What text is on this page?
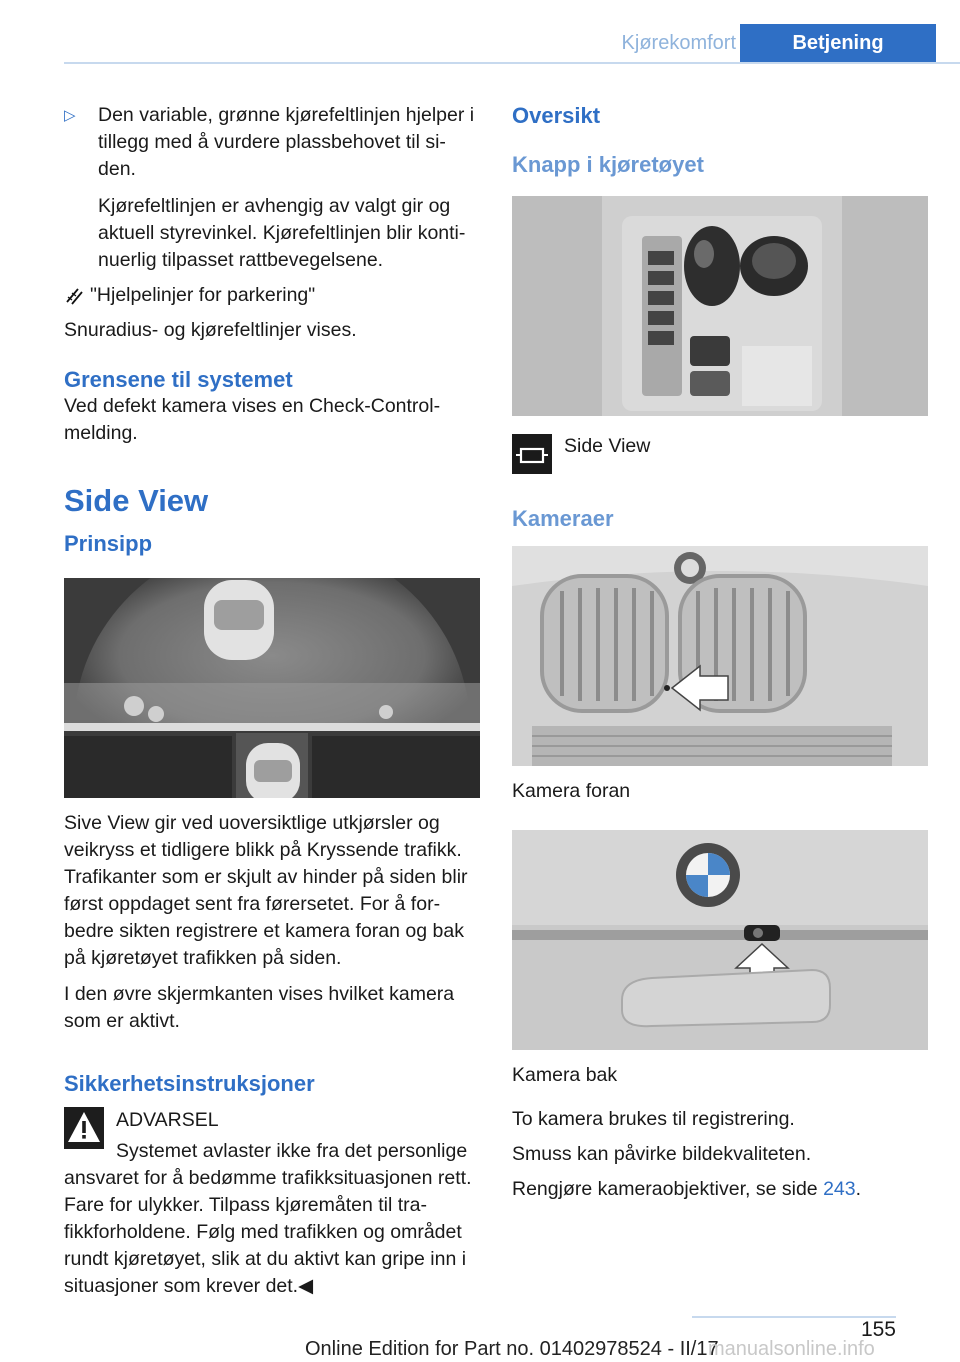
Kjørekomfort	Betjening
▷ Den variable, grønne kjørefeltlinjen hjelper i tillegg med å vurdere plassbehovet til si-den.

Kjørefeltlinjen er avhengig av valgt gir og aktuell styrevinkel. Kjørefeltlinjen blir konti-nuerlig tilpasset rattbevegelsene.

"Hjelpelinjer for parkering"

Snuradius- og kjørefeltlinjer vises.

Grensene til systemet

Ved defekt kamera vises en Check-Control-melding.

Side View
Prinsipp

Sive View gir ved uoversiktlige utkjørsler og veikryss et tidligere blikk på Kryssende trafikk. Trafikanter som er skjult av hinder på siden blir først oppdaget sent fra førersetet. For å for-bedre sikten registrere et kamera foran og bak på kjøretøyet trafikken på siden.

I den øvre skjermkanten vises hvilket kamera som er aktivt.

Sikkerhetsinstruksjoner

ADVARSEL

Systemet avlaster ikke fra det personlige

ansvaret for å bedømme trafikksituasjonen rett. Fare for ulykker. Tilpass kjøremåten til tra-fikkforholdene. Følg med trafikken og området rundt kjøretøyet, slik at du aktivt kan gripe inn i situasjoner som krever det.◀

Oversikt
Knapp i kjøretøyet
Side View
Kameraer

Kamera foran

Kamera bak

To kamera brukes til registrering.

Smuss kan påvirke bildekvaliteten.

Rengjøre kameraobjektiver, se side 243.

155
Online Edition for Part no. 01402978524 - II/17
manualsonline.info
